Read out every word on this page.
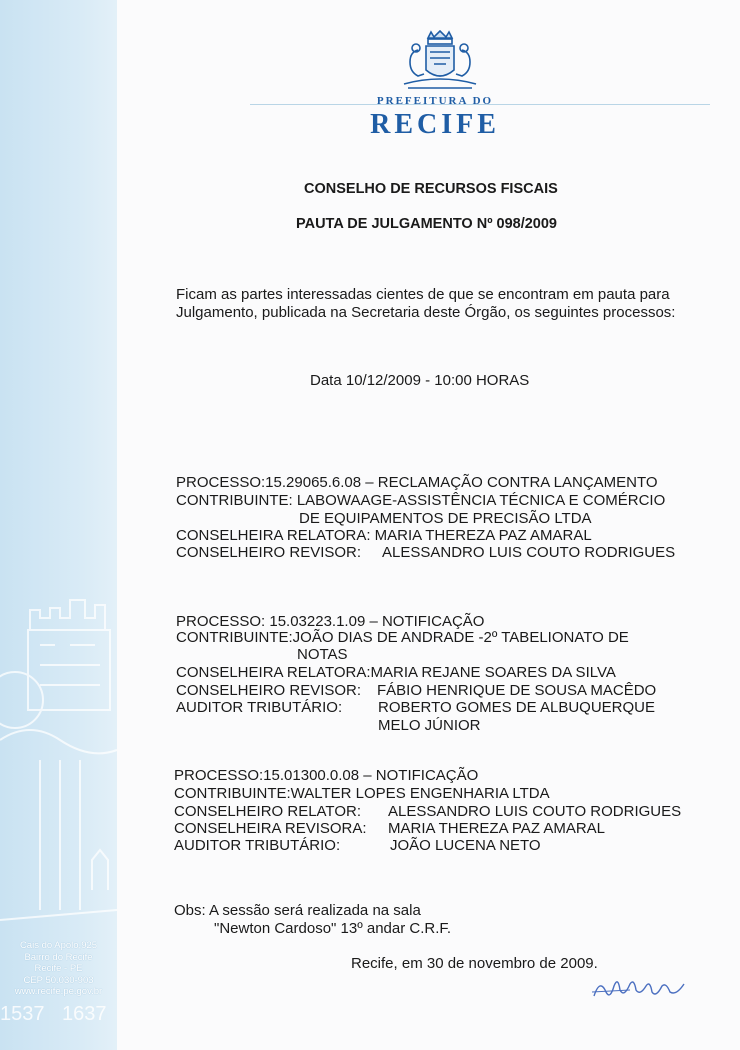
Cais do Apolo,925
Bairro do Recife
Recife - PE
CEP 50.030-903
www.recife.pe.gov.br
1537 1637
PREFEITURA DO
RECIFE
CONSELHO DE RECURSOS FISCAIS
PAUTA DE JULGAMENTO Nº 098/2009
Ficam as partes interessadas cientes de que se encontram em pauta para
Julgamento, publicada na Secretaria deste Órgão, os seguintes processos:
Data 10/12/2009 - 10:00 HORAS
PROCESSO:15.29065.6.08 – RECLAMAÇÃO CONTRA LANÇAMENTO
CONTRIBUINTE: LABOWAAGE-ASSISTÊNCIA TÉCNICA E COMÉRCIO
DE EQUIPAMENTOS DE PRECISÃO LTDA
CONSELHEIRA RELATORA: MARIA THEREZA PAZ AMARAL
CONSELHEIRO REVISOR: ALESSANDRO LUIS COUTO RODRIGUES
PROCESSO: 15.03223.1.09 – NOTIFICAÇÃO
CONTRIBUINTE:JOÃO DIAS DE ANDRADE -2º TABELIONATO DE
NOTAS
CONSELHEIRA RELATORA:MARIA REJANE SOARES DA SILVA
CONSELHEIRO REVISOR: FÁBIO HENRIQUE DE SOUSA MACÊDO
AUDITOR TRIBUTÁRIO: ROBERTO GOMES DE ALBUQUERQUE
MELO JÚNIOR
PROCESSO:15.01300.0.08 – NOTIFICAÇÃO
CONTRIBUINTE:WALTER LOPES ENGENHARIA LTDA
CONSELHEIRO RELATOR: ALESSANDRO LUIS COUTO RODRIGUES
CONSELHEIRA REVISORA: MARIA THEREZA PAZ AMARAL
AUDITOR TRIBUTÁRIO:	JOÃO LUCENA NETO
Obs: A sessão será realizada na sala
"Newton Cardoso" 13º andar C.R.F.
Recife, em 30 de novembro de 2009.
